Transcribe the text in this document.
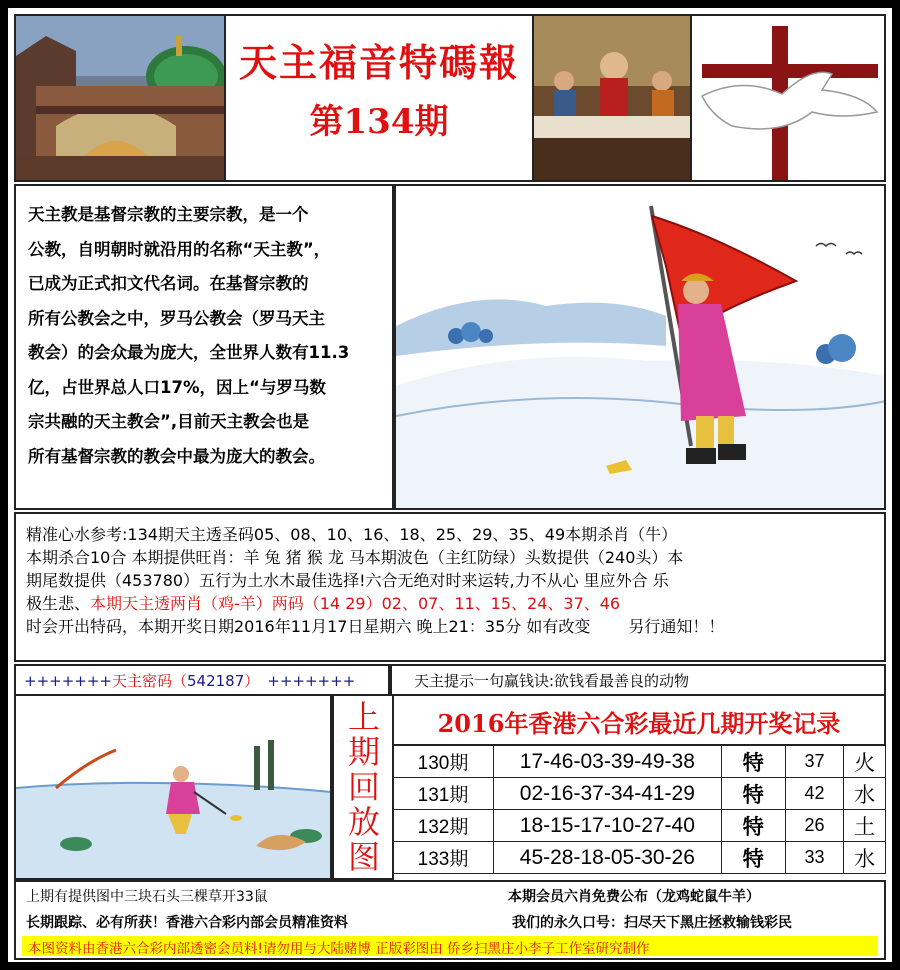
天主福音特碼報
第134期

天主教是基督宗教的主要宗教，是一个

公教，自明朝时就沿用的名称“天主教”，

已成为正式扣文代名词。在基督宗教的

所有公教会之中，罗马公教会（罗马天主

教会）的会众最为庞大，全世界人数有11.3

亿，占世界总人口17%，因上“与罗马数

宗共融的天主教会”,目前天主教会也是

所有基督宗教的教会中最为庞大的教会。

精准心水参考:134期天主透圣码05、08、10、16、18、25、29、35、49本期杀肖（牛）
本期杀合10合 本期提供旺肖：羊 兔 猪 猴 龙 马本期波色（主红防绿）头数提供（240头）本
期尾数提供（453780）五行为土水木最佳选择!六合无绝对时来运转,力不从心 里应外合 乐
极生悲、本期天主透两肖（鸡-羊）两码（14 29）02、07、11、15、24、37、46
时会开出特码，本期开奖日期2016年11月17日星期六 晚上21：35分 如有改变 另行通知！！
+++++++天主密码（542187） +++++++	天主提示一句赢钱诀:欲钱看最善良的动物
上期回放图
2016年香港六合彩最近几期开奖记录
130期	17-46-03-39-49-38	特	37	火
131期	02-16-37-34-41-29	特	42	水
132期	18-15-17-10-27-40	特	26	土
133期	45-28-18-05-30-26	特	33	水
上期有提供图中三块石头三棵草开33鼠	本期会员六肖免费公布（龙鸡蛇鼠牛羊）
长期跟踪、必有所获！香港六合彩内部会员精准资料	我们的永久口号：扫尽天下黑庄拯救输钱彩民
本图资料由香港六合彩内部透密会员料!请勿用与大陆赌博 正版彩图由 侨乡扫黑庄小李子工作室研究制作
